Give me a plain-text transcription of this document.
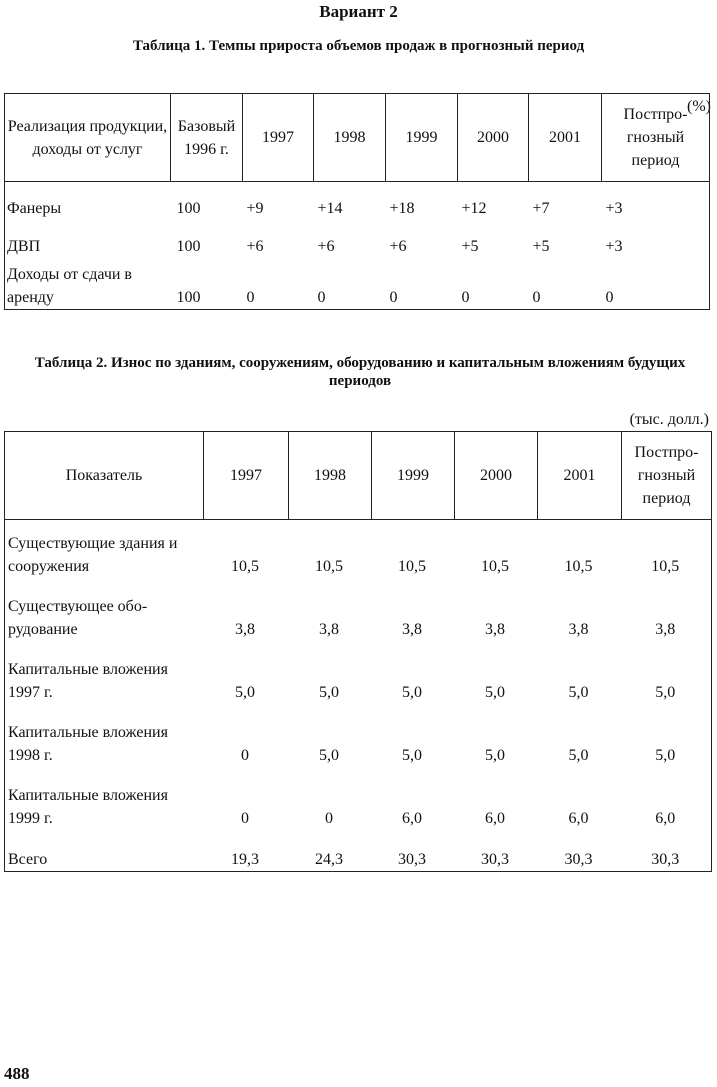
Вариант 2
Таблица 1. Темпы прироста объемов продаж в прогнозный период
(%)
Реализация продукции, доходы от услуг	Базовый 1996 г.	1997	1998	1999	2000	2001	Постпрогнозный период
Фанеры	100	+9	+14	+18	+12	+7	+3
ДВП	100	+6	+6	+6	+5	+5	+3
Доходы от сдачи в аренду	100	0	0	0	0	0	0
Таблица 2. Износ по зданиям, сооружениям, оборудованию и капитальным вложениям будущих периодов
(тыс. долл.)
Показатель	1997	1998	1999	2000	2001	Постпрогнозный период
Существующие здания и сооружения	10,5	10,5	10,5	10,5	10,5	10,5
Существующее оборудование	3,8	3,8	3,8	3,8	3,8	3,8
Капитальные вложения 1997 г.	5,0	5,0	5,0	5,0	5,0	5,0
Капитальные вложения 1998 г.	0	5,0	5,0	5,0	5,0	5,0
Капитальные вложения 1999 г.	0	0	6,0	6,0	6,0	6,0
Всего	19,3	24,3	30,3	30,3	30,3	30,3
488
